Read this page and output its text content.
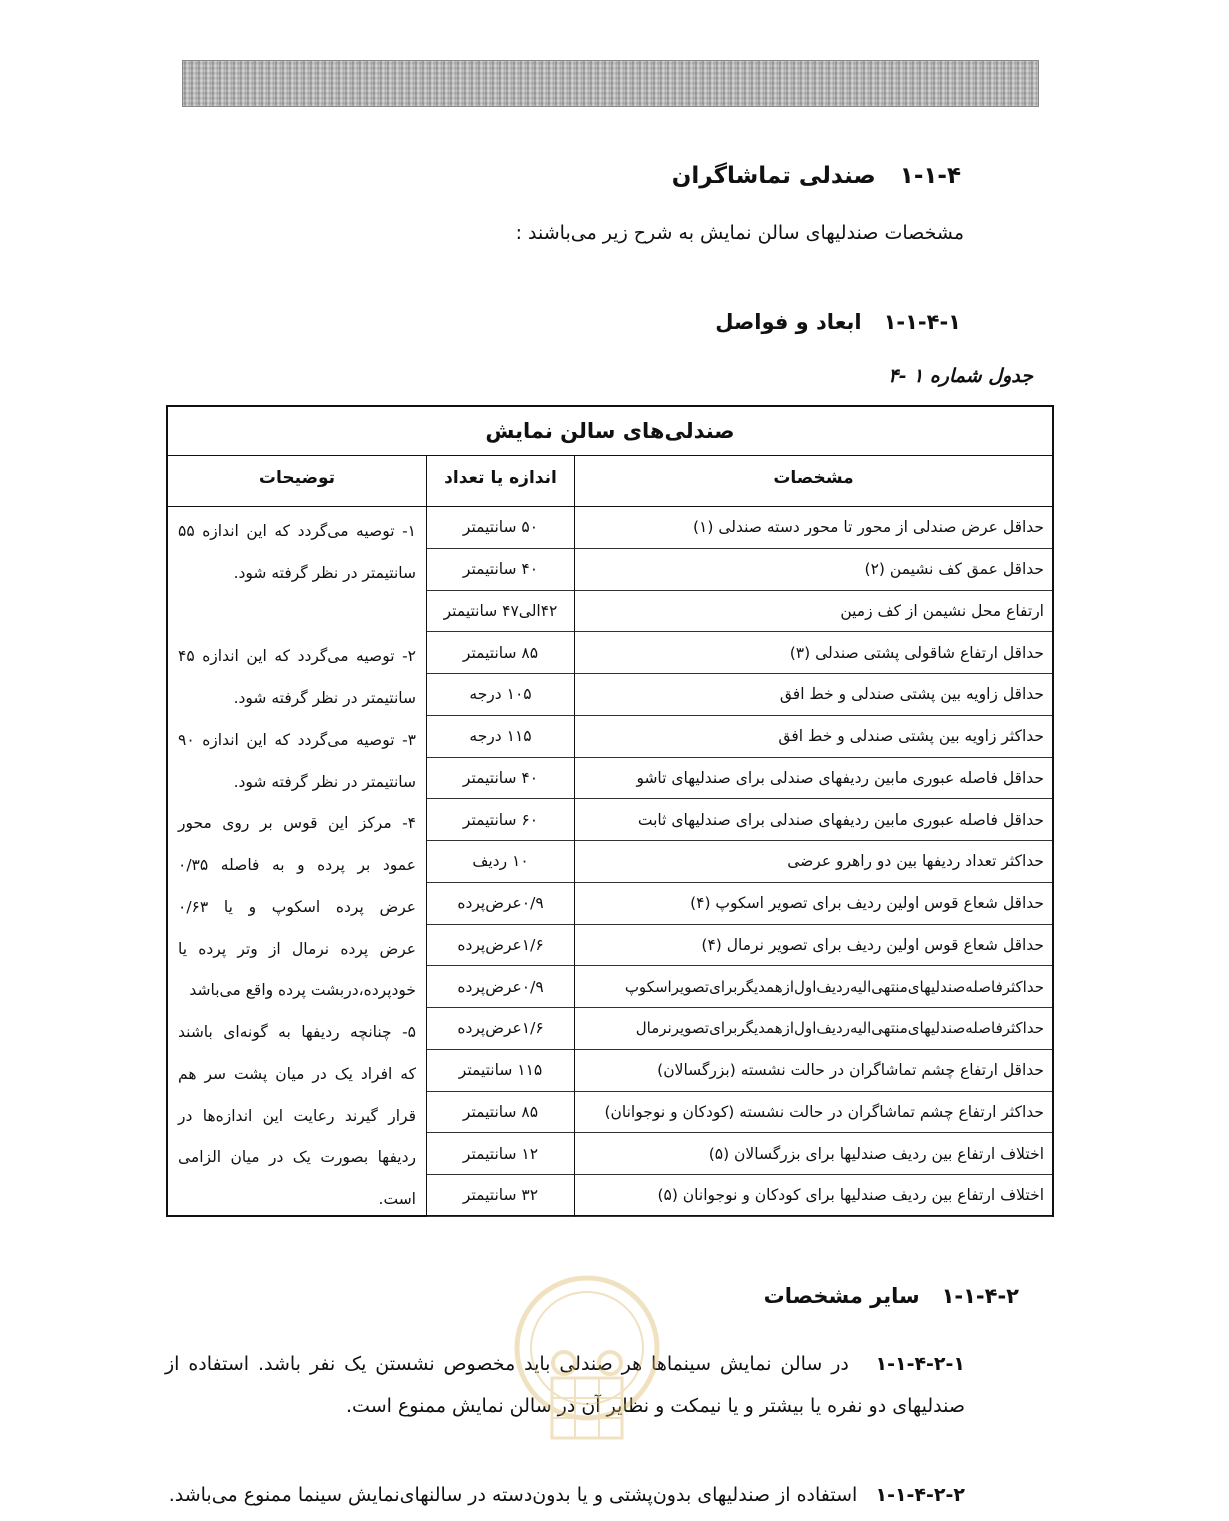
۱-۱-۴   صندلی تماشاگران
مشخصات صندلیهای سالن نمایش به شرح زیر می‌باشند :
۱-۱-۴-۱   ابعاد و فواصل
جدول شماره ۱ -۴
صندلی‌های سالن نمایش
مشخصات
اندازه یا تعداد
توضیحات
حداقل عرض صندلی از محور تا محور دسته صندلی (۱)
حداقل عمق کف نشیمن (۲)
ارتفاع محل نشیمن از کف زمین
حداقل ارتفاع شاقولی پشتی صندلی (۳)
حداقل زاویه بین پشتی صندلی و خط افق
حداکثر زاویه بین پشتی صندلی و خط افق
حداقل فاصله عبوری مابین ردیفهای صندلی برای صندلیهای تاشو
حداقل فاصله عبوری مابین ردیفهای صندلی برای صندلیهای ثابت
حداکثر تعداد ردیفها بین دو راهرو عرضی
حداقل شعاع قوس اولین ردیف برای تصویر اسکوپ (۴)
حداقل شعاع قوس اولین ردیف برای تصویر نرمال (۴)
حداکثرفاصله‌صندلیهای‌منتهی‌الیه‌ردیف‌اول‌ازهمدیگربرای‌تصویراسکوپ
حداکثرفاصله‌صندلیهای‌منتهی‌الیه‌ردیف‌اول‌ازهمدیگربرای‌تصویرنرمال
حداقل ارتفاع چشم تماشاگران در حالت نشسته (بزرگسالان)
حداکثر ارتفاع چشم تماشاگران در حالت نشسته (کودکان و نوجوانان)
اختلاف ارتفاع بین ردیف صندلیها برای بزرگسالان (۵)
اختلاف ارتفاع بین ردیف صندلیها برای کودکان و نوجوانان (۵)
۵۰ سانتیمتر
۴۰ سانتیمتر
۴۲الی۴۷ سانتیمتر
۸۵ سانتیمتر
۱۰۵ درجه
۱۱۵ درجه
۴۰ سانتیمتر
۶۰ سانتیمتر
۱۰ ردیف
۰/۹عرض‌پرده
۱/۶عرض‌پرده
۰/۹عرض‌پرده
۱/۶عرض‌پرده
۱۱۵ سانتیمتر
۸۵ سانتیمتر
۱۲ سانتیمتر
۳۲ سانتیمتر
۱- توصیه می‌گردد که این اندازه ۵۵
سانتیمتر در نظر گرفته شود.
۲- توصیه می‌گردد که این اندازه ۴۵
سانتیمتر در نظر گرفته شود.
۳- توصیه می‌گردد که این اندازه ۹۰
سانتیمتر در نظر گرفته شود.
۴- مرکز این قوس بر روی محور
عمود بر پرده و به فاصله ۰/۳۵
عرض پرده اسکوپ و یا ۰/۶۳
عرض پرده نرمال از وتر پرده یا
خودپرده،دربشت پرده واقع می‌باشد
۵- چنانچه ردیفها به گونه‌ای باشند
که افراد یک در میان پشت سر هم
قرار گیرند رعایت این اندازه‌ها در
ردیفها بصورت یک در میان الزامی
است.
۱-۱-۴-۲   سایر مشخصات
۱-۱-۴-۲-۱   در سالن نمایش سینماها هر صندلی باید مخصوص نشستن یک نفر باشد. استفاده از
صندلیهای دو نفره یا بیشتر و یا نیمکت و نظایر آن در سالن نمایش ممنوع است.
۱-۱-۴-۲-۲   استفاده از صندلیهای بدون‌پشتی و یا بدون‌دسته در سالنهای‌نمایش سینما ممنوع می‌باشد.
